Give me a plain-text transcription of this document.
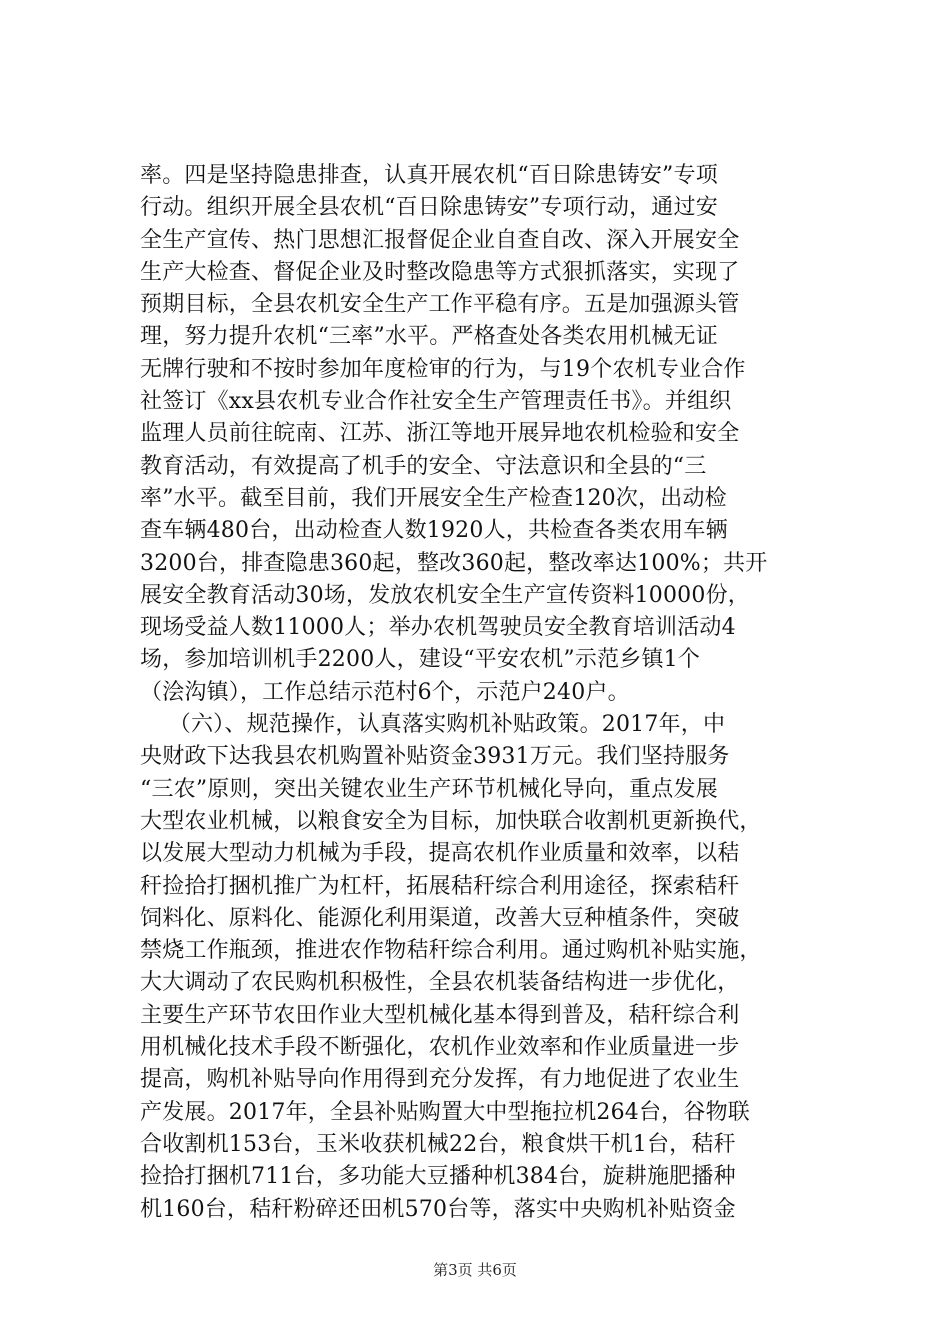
率。四是坚持隐患排查，认真开展农机“百日除患铸安”专项
行动。组织开展全县农机“百日除患铸安”专项行动，通过安
全生产宣传、热门思想汇报督促企业自查自改、深入开展安全
生产大检查、督促企业及时整改隐患等方式狠抓落实，实现了
预期目标，全县农机安全生产工作平稳有序。五是加强源头管
理，努力提升农机“三率”水平。严格查处各类农用机械无证
无牌行驶和不按时参加年度检审的行为，与19个农机专业合作
社签订《xx县农机专业合作社安全生产管理责任书》。并组织
监理人员前往皖南、江苏、浙江等地开展异地农机检验和安全
教育活动，有效提高了机手的安全、守法意识和全县的“三
率”水平。截至目前，我们开展安全生产检查120次，出动检
查车辆480台，出动检查人数1920人，共检查各类农用车辆
3200台，排查隐患360起，整改360起，整改率达100%；共开
展安全教育活动30场，发放农机安全生产宣传资料10000份，
现场受益人数11000人；举办农机驾驶员安全教育培训活动4
场，参加培训机手2200人，建设“平安农机”示范乡镇1个
（浍沟镇），工作总结示范村6个，示范户240户。
（六）、规范操作，认真落实购机补贴政策。2017年，中
央财政下达我县农机购置补贴资金3931万元。我们坚持服务
“三农”原则，突出关键农业生产环节机械化导向，重点发展
大型农业机械，以粮食安全为目标，加快联合收割机更新换代，
以发展大型动力机械为手段，提高农机作业质量和效率，以秸
秆捡拾打捆机推广为杠杆，拓展秸秆综合利用途径，探索秸秆
饲料化、原料化、能源化利用渠道，改善大豆种植条件，突破
禁烧工作瓶颈，推进农作物秸秆综合利用。通过购机补贴实施，
大大调动了农民购机积极性，全县农机装备结构进一步优化，
主要生产环节农田作业大型机械化基本得到普及，秸秆综合利
用机械化技术手段不断强化，农机作业效率和作业质量进一步
提高，购机补贴导向作用得到充分发挥，有力地促进了农业生
产发展。2017年，全县补贴购置大中型拖拉机264台，谷物联
合收割机153台，玉米收获机械22台，粮食烘干机1台，秸秆
捡拾打捆机711台，多功能大豆播种机384台，旋耕施肥播种
机160台，秸秆粉碎还田机570台等，落实中央购机补贴资金
第3页 共6页
